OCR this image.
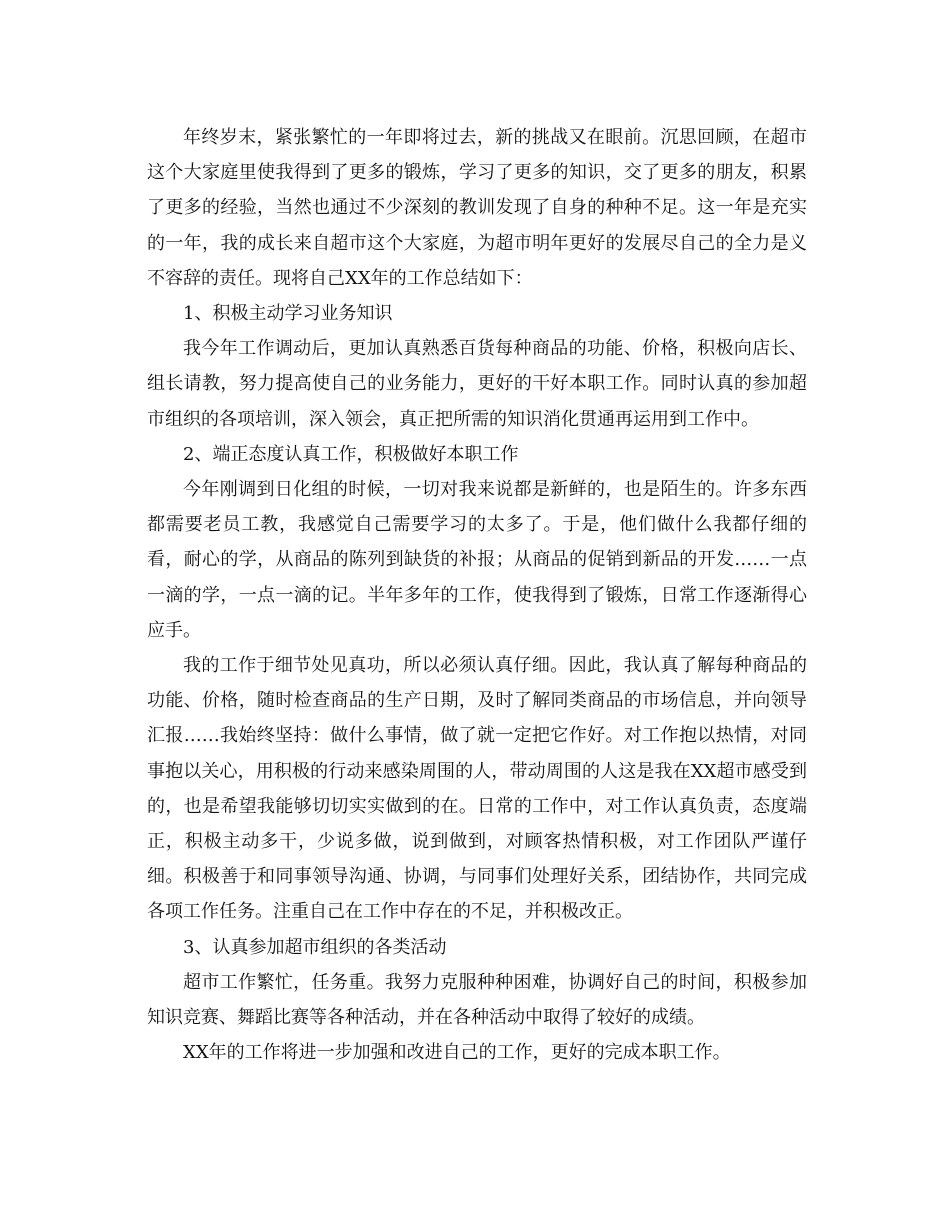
年终岁末，紧张繁忙的一年即将过去，新的挑战又在眼前。沉思回顾，在超市这个大家庭里使我得到了更多的锻炼，学习了更多的知识，交了更多的朋友，积累了更多的经验，当然也通过不少深刻的教训发现了自身的种种不足。这一年是充实的一年，我的成长来自超市这个大家庭，为超市明年更好的发展尽自己的全力是义不容辞的责任。现将自己XX年的工作总结如下：

1、积极主动学习业务知识

我今年工作调动后，更加认真熟悉百货每种商品的功能、价格，积极向店长、组长请教，努力提高使自己的业务能力，更好的干好本职工作。同时认真的参加超市组织的各项培训，深入领会，真正把所需的知识消化贯通再运用到工作中。

2、端正态度认真工作，积极做好本职工作

今年刚调到日化组的时候，一切对我来说都是新鲜的，也是陌生的。许多东西都需要老员工教，我感觉自己需要学习的太多了。于是，他们做什么我都仔细的看，耐心的学，从商品的陈列到缺货的补报；从商品的促销到新品的开发……一点一滴的学，一点一滴的记。半年多年的工作，使我得到了锻炼，日常工作逐渐得心应手。

我的工作于细节处见真功，所以必须认真仔细。因此，我认真了解每种商品的功能、价格，随时检查商品的生产日期，及时了解同类商品的市场信息，并向领导汇报……我始终坚持：做什么事情，做了就一定把它作好。对工作抱以热情，对同事抱以关心，用积极的行动来感染周围的人，带动周围的人这是我在XX超市感受到的，也是希望我能够切切实实做到的在。日常的工作中，对工作认真负责，态度端正，积极主动多干，少说多做，说到做到，对顾客热情积极，对工作团队严谨仔细。积极善于和同事领导沟通、协调，与同事们处理好关系，团结协作，共同完成各项工作任务。注重自己在工作中存在的不足，并积极改正。

3、认真参加超市组织的各类活动

超市工作繁忙，任务重。我努力克服种种困难，协调好自己的时间，积极参加知识竞赛、舞蹈比赛等各种活动，并在各种活动中取得了较好的成绩。

XX年的工作将进一步加强和改进自己的工作，更好的完成本职工作。
